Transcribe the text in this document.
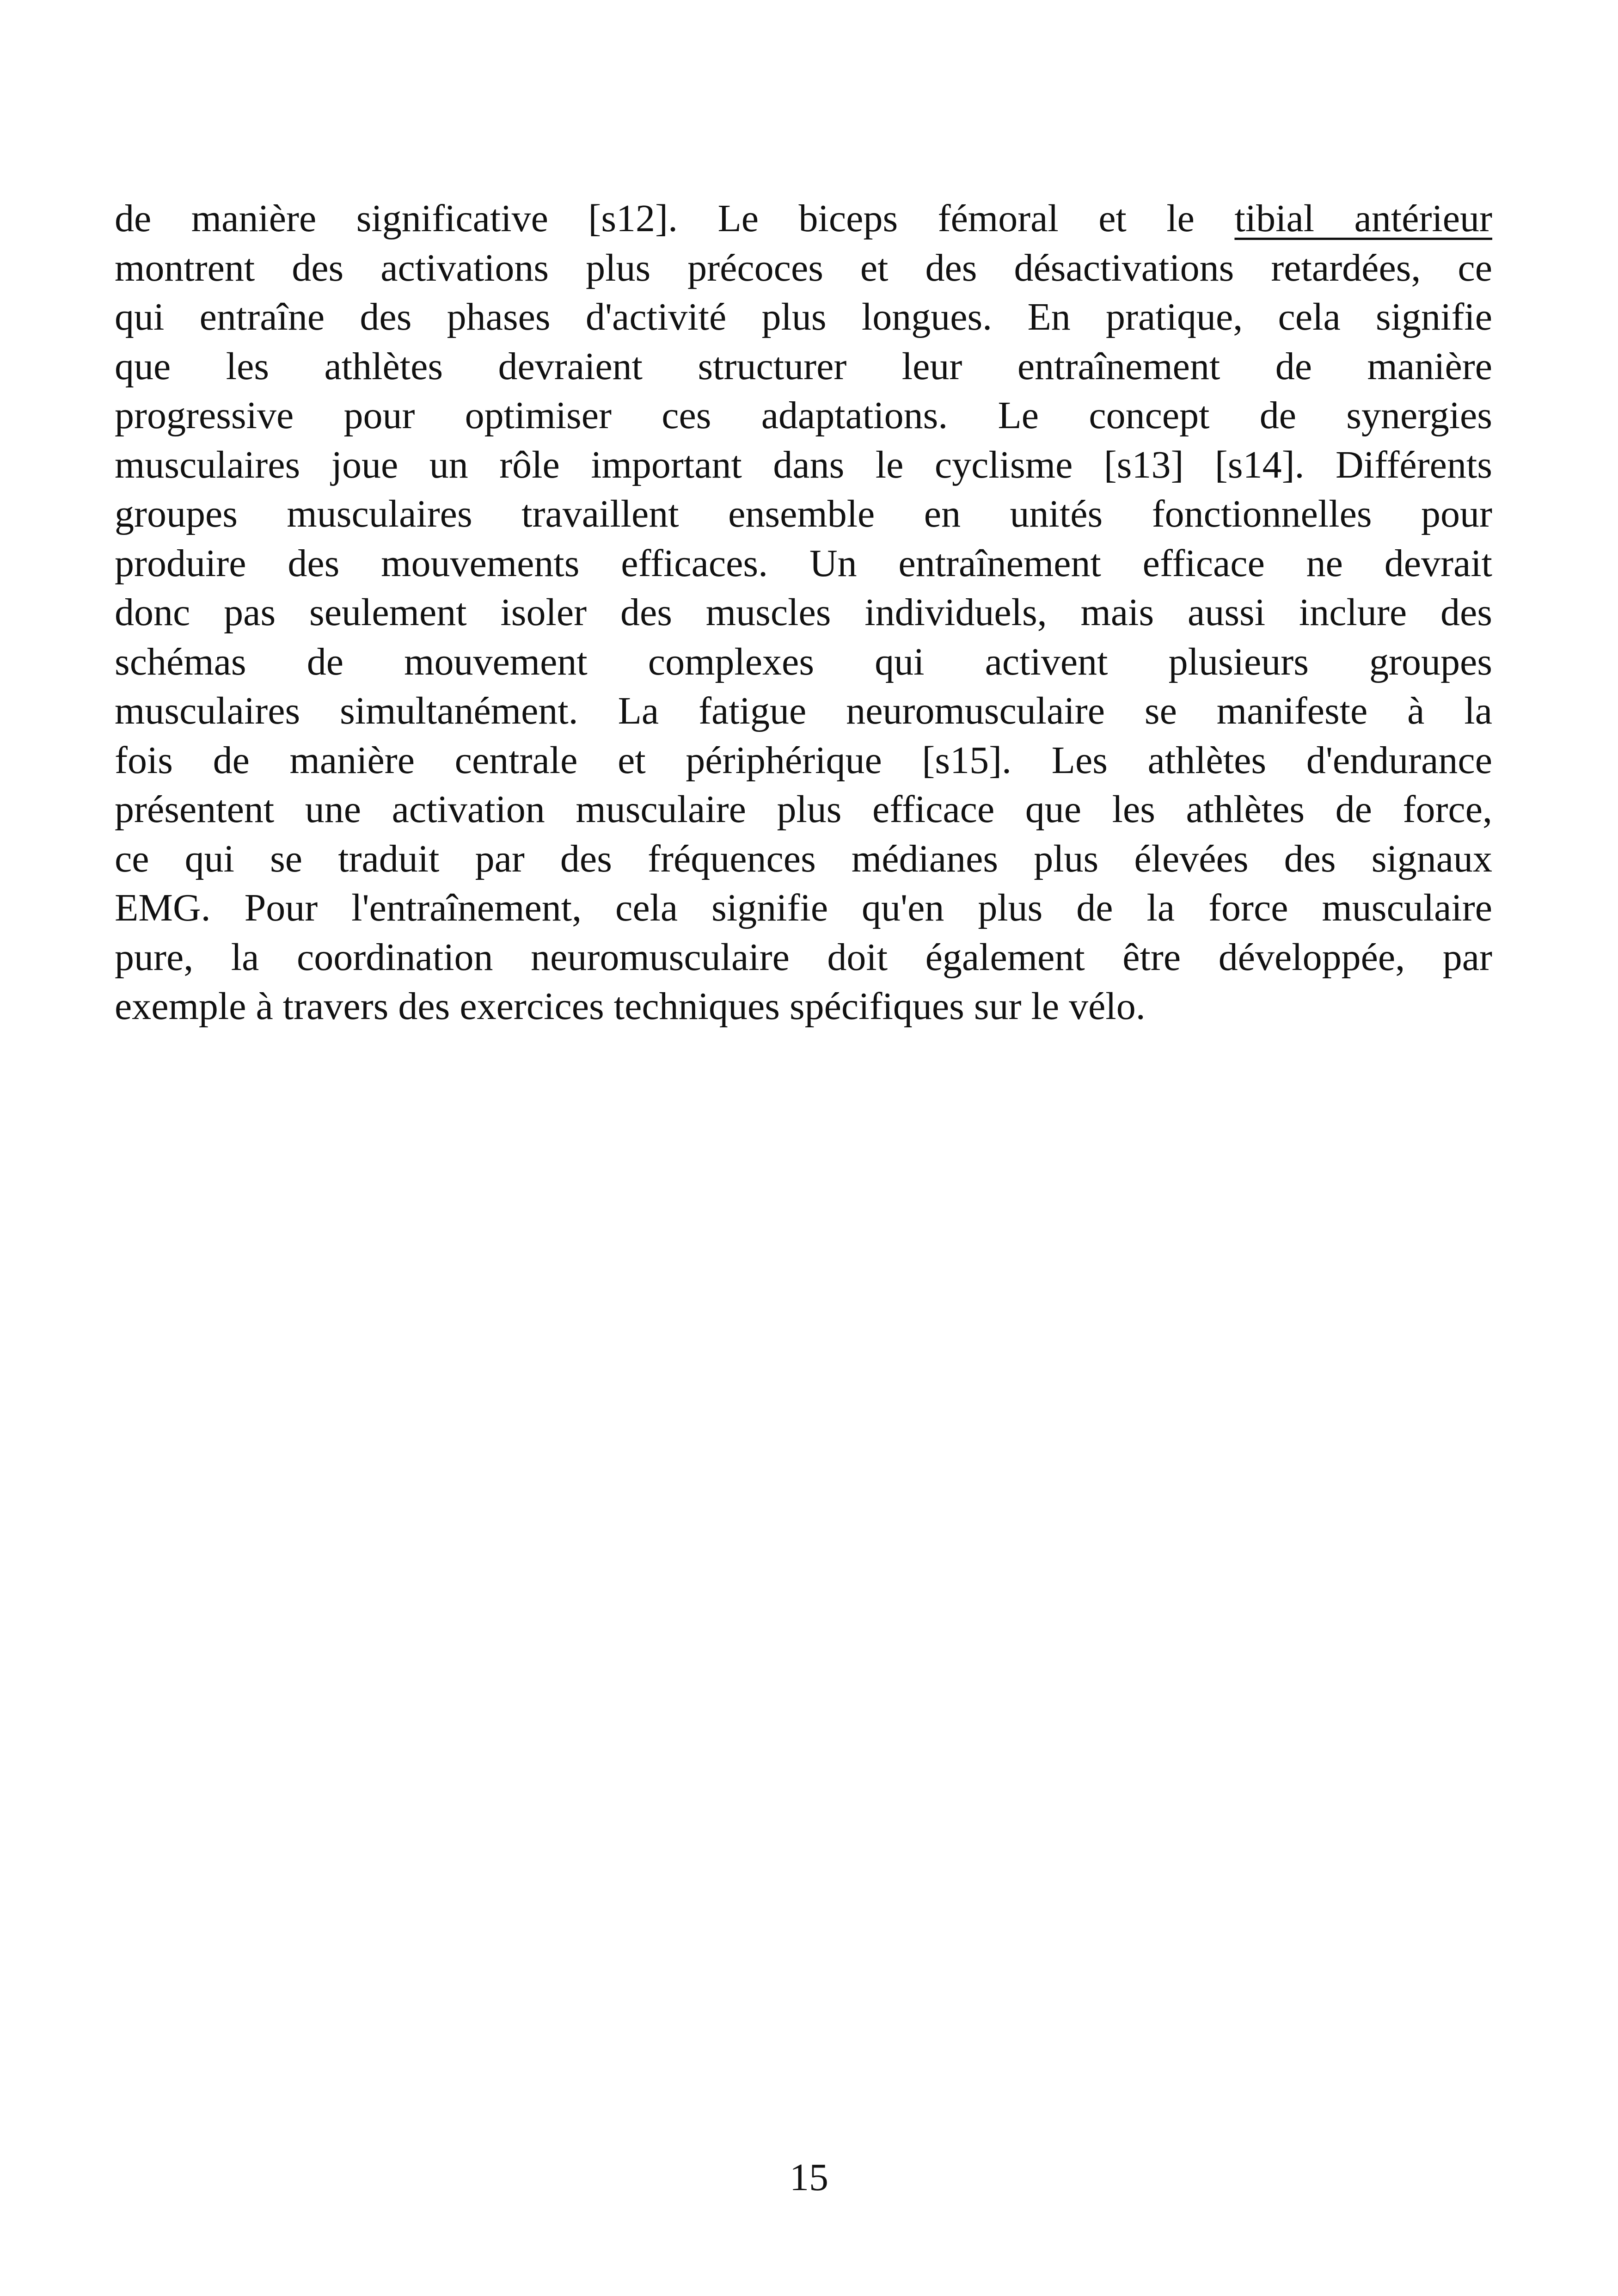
de manière significative [s12]. Le biceps fémoral et le tibial antérieur
montrent des activations plus précoces et des désactivations retardées, ce
qui entraîne des phases d'activité plus longues. En pratique, cela signifie
que les athlètes devraient structurer leur entraînement de manière
progressive pour optimiser ces adaptations. Le concept de synergies
musculaires joue un rôle important dans le cyclisme [s13] [s14]. Différents
groupes musculaires travaillent ensemble en unités fonctionnelles pour
produire des mouvements efficaces. Un entraînement efficace ne devrait
donc pas seulement isoler des muscles individuels, mais aussi inclure des
schémas de mouvement complexes qui activent plusieurs groupes
musculaires simultanément. La fatigue neuromusculaire se manifeste à la
fois de manière centrale et périphérique [s15]. Les athlètes d'endurance
présentent une activation musculaire plus efficace que les athlètes de force,
ce qui se traduit par des fréquences médianes plus élevées des signaux
EMG. Pour l'entraînement, cela signifie qu'en plus de la force musculaire
pure, la coordination neuromusculaire doit également être développée, par
exemple à travers des exercices techniques spécifiques sur le vélo.
15
